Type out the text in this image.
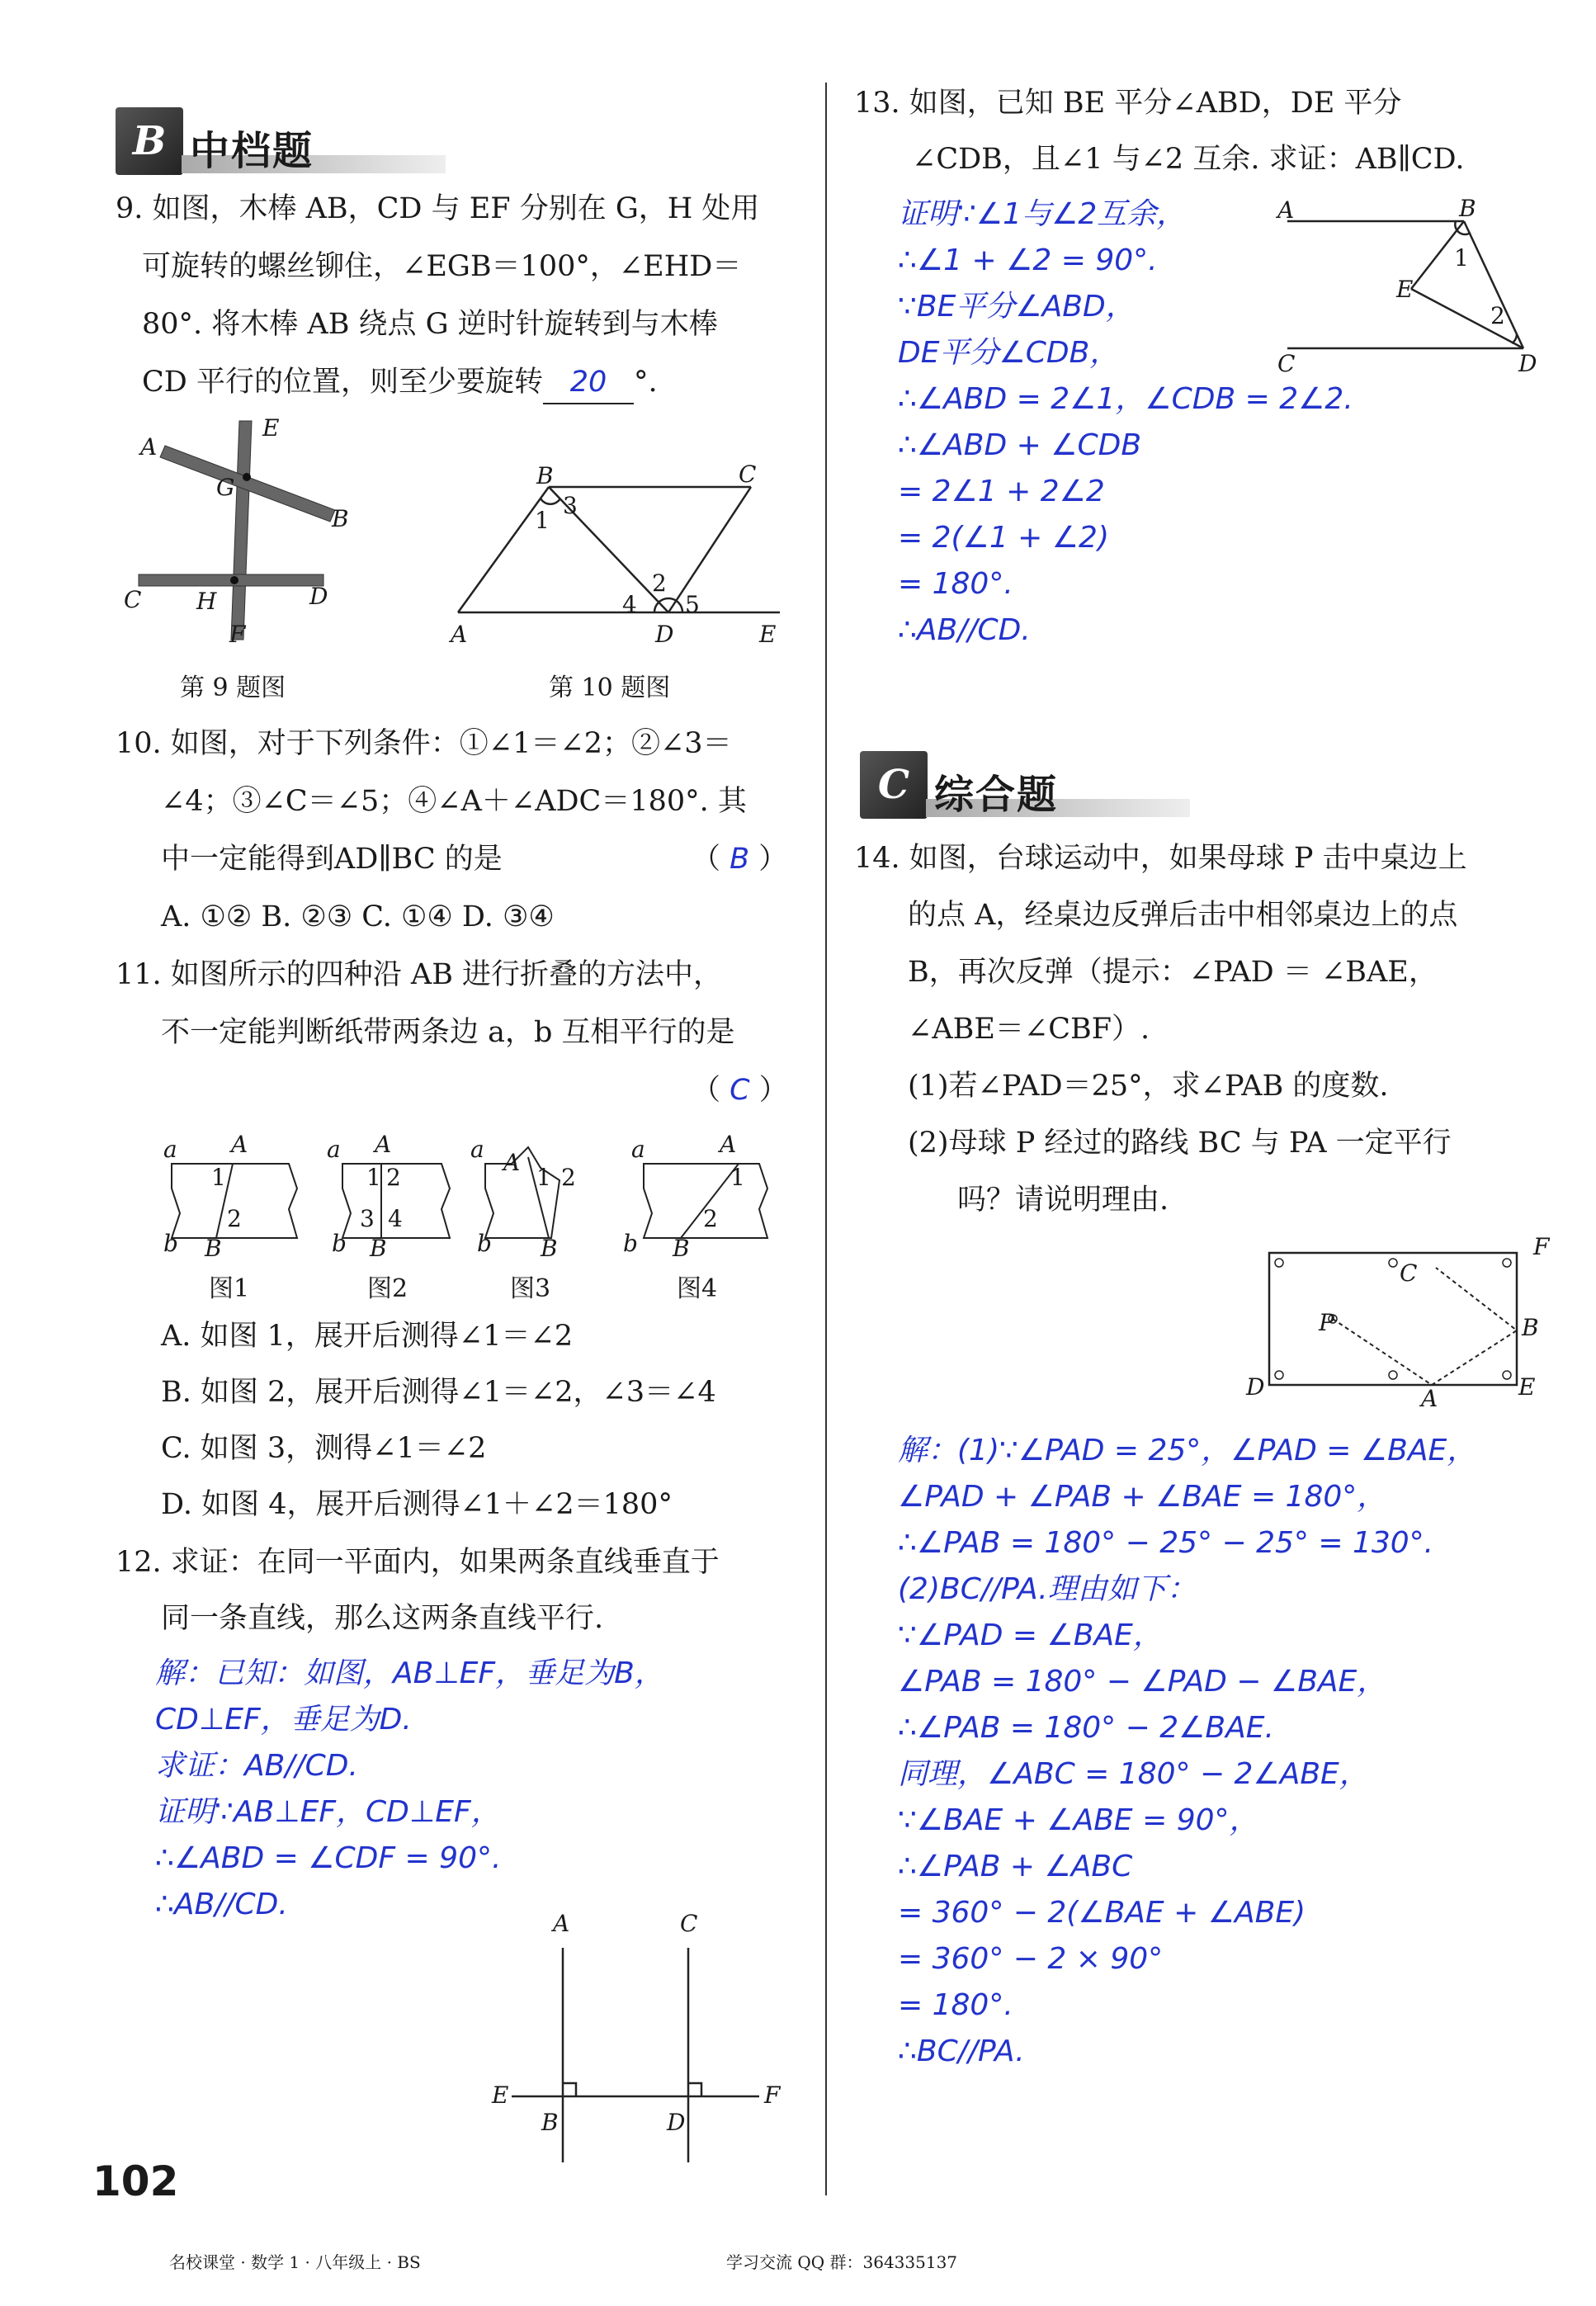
B 中档题
9. 如图，木棒 AB，CD 与 EF 分别在 G，H 处用
可旋转的螺丝铆住，∠EGB＝100°，∠EHD＝
80°. 将木棒 AB 绕点 G 逆时针旋转到与木棒
CD 平行的位置，则至少要旋转 20 °.
A
E
G
B
C H	D
F
第 9 题图
B	C
1
3
2
4 5
A	D	E
第 10 题图
10. 如图，对于下列条件：①∠1＝∠2；②∠3＝
∠4；③∠C＝∠5；④∠A＋∠ADC＝180°. 其
中一定能得到AD∥BC 的是	（ B ）
A. ①② B. ②③ C. ①④ D. ③④
11. 如图所示的四种沿 AB 进行折叠的方法中，
不一定能判断纸带两条边 a，b 互相平行的是
（ C ）
a A
1
2
b B
a A
1 2
3 4
b B
a A
1 2
b B
a	A
1
2
b B
图1	图2	图3	图4
A. 如图 1，展开后测得∠1＝∠2
B. 如图 2，展开后测得∠1＝∠2，∠3＝∠4
C. 如图 3，测得∠1＝∠2
D. 如图 4，展开后测得∠1＋∠2＝180°
12. 求证：在同一平面内，如果两条直线垂直于
同一条直线，那么这两条直线平行.
解：已知：如图，AB⊥EF，垂足为B，
CD⊥EF，垂足为D.
求证：AB//CD.
证明∵AB⊥EF，CD⊥EF，
∴∠ABD = ∠CDF = 90°.
∴AB//CD.
A	C
E
B	D
F
13. 如图，已知 BE 平分∠ABD，DE 平分
∠CDB，且∠1 与∠2 互余. 求证：AB∥CD.
证明∵∠1与∠2互余，
∴∠1 + ∠2 = 90°.
∵BE平分∠ABD，
DE平分∠CDB，
∴∠ABD = 2∠1，∠CDB = 2∠2.
∴∠ABD + ∠CDB
= 2∠1 + 2∠2
= 2(∠1 + ∠2)
= 180°.
∴AB//CD.
A	B
1
E
2
C	D
C 综合题
14. 如图，台球运动中，如果母球 P 击中桌边上
的点 A，经桌边反弹后击中相邻桌边上的点
B，再次反弹（提示：∠PAD ＝ ∠BAE，
∠ABE＝∠CBF）.
(1)若∠PAD＝25°，求∠PAB 的度数.
(2)母球 P 经过的路线 BC 与 PA 一定平行
吗？请说明理由.
F
C
P	B
D	A	E
解：(1)∵∠PAD = 25°，∠PAD = ∠BAE，
∠PAD + ∠PAB + ∠BAE = 180°，
∴∠PAB = 180° − 25° − 25° = 130°.
(2)BC//PA.理由如下：
∵∠PAD = ∠BAE，
∠PAB = 180° − ∠PAD − ∠BAE，
∴∠PAB = 180° − 2∠BAE.
同理，∠ABC = 180° − 2∠ABE，
∵∠BAE + ∠ABE = 90°，
∴∠PAB + ∠ABC
= 360° − 2(∠BAE + ∠ABE)
= 360° − 2 × 90°
= 180°.
∴BC//PA.
102
名校课堂 · 数学 1 · 八年级上 · BS	学习交流 QQ 群：364335137
